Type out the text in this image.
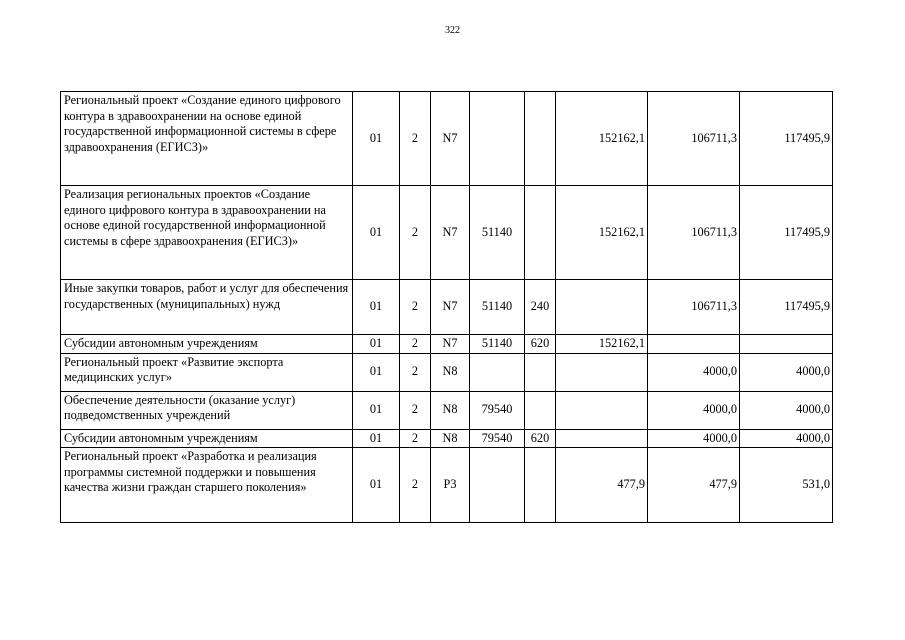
322
Региональный проект «Создание единого цифрового контура в здравоохранении на основе единой государственной информационной системы в сфере здравоохранения (ЕГИСЗ)»	01	2	N7			152162,1	106711,3	117495,9
Реализация региональных проектов «Создание единого цифрового контура в здравоохранении на основе единой государственной информационной системы в сфере здравоохранения (ЕГИСЗ)»	01	2	N7	51140		152162,1	106711,3	117495,9
Иные закупки товаров, работ и услуг для обеспечения государственных (муниципальных) нужд	01	2	N7	51140	240		106711,3	117495,9
Субсидии автономным учреждениям	01	2	N7	51140	620	152162,1		
Региональный проект «Развитие экспорта медицинских услуг»	01	2	N8				4000,0	4000,0
Обеспечение деятельности (оказание услуг) подведомственных учреждений	01	2	N8	79540			4000,0	4000,0
Субсидии автономным учреждениям	01	2	N8	79540	620		4000,0	4000,0
Региональный проект «Разработка и реализация программы системной поддержки и повышения качества жизни граждан старшего поколения»	01	2	P3			477,9	477,9	531,0
